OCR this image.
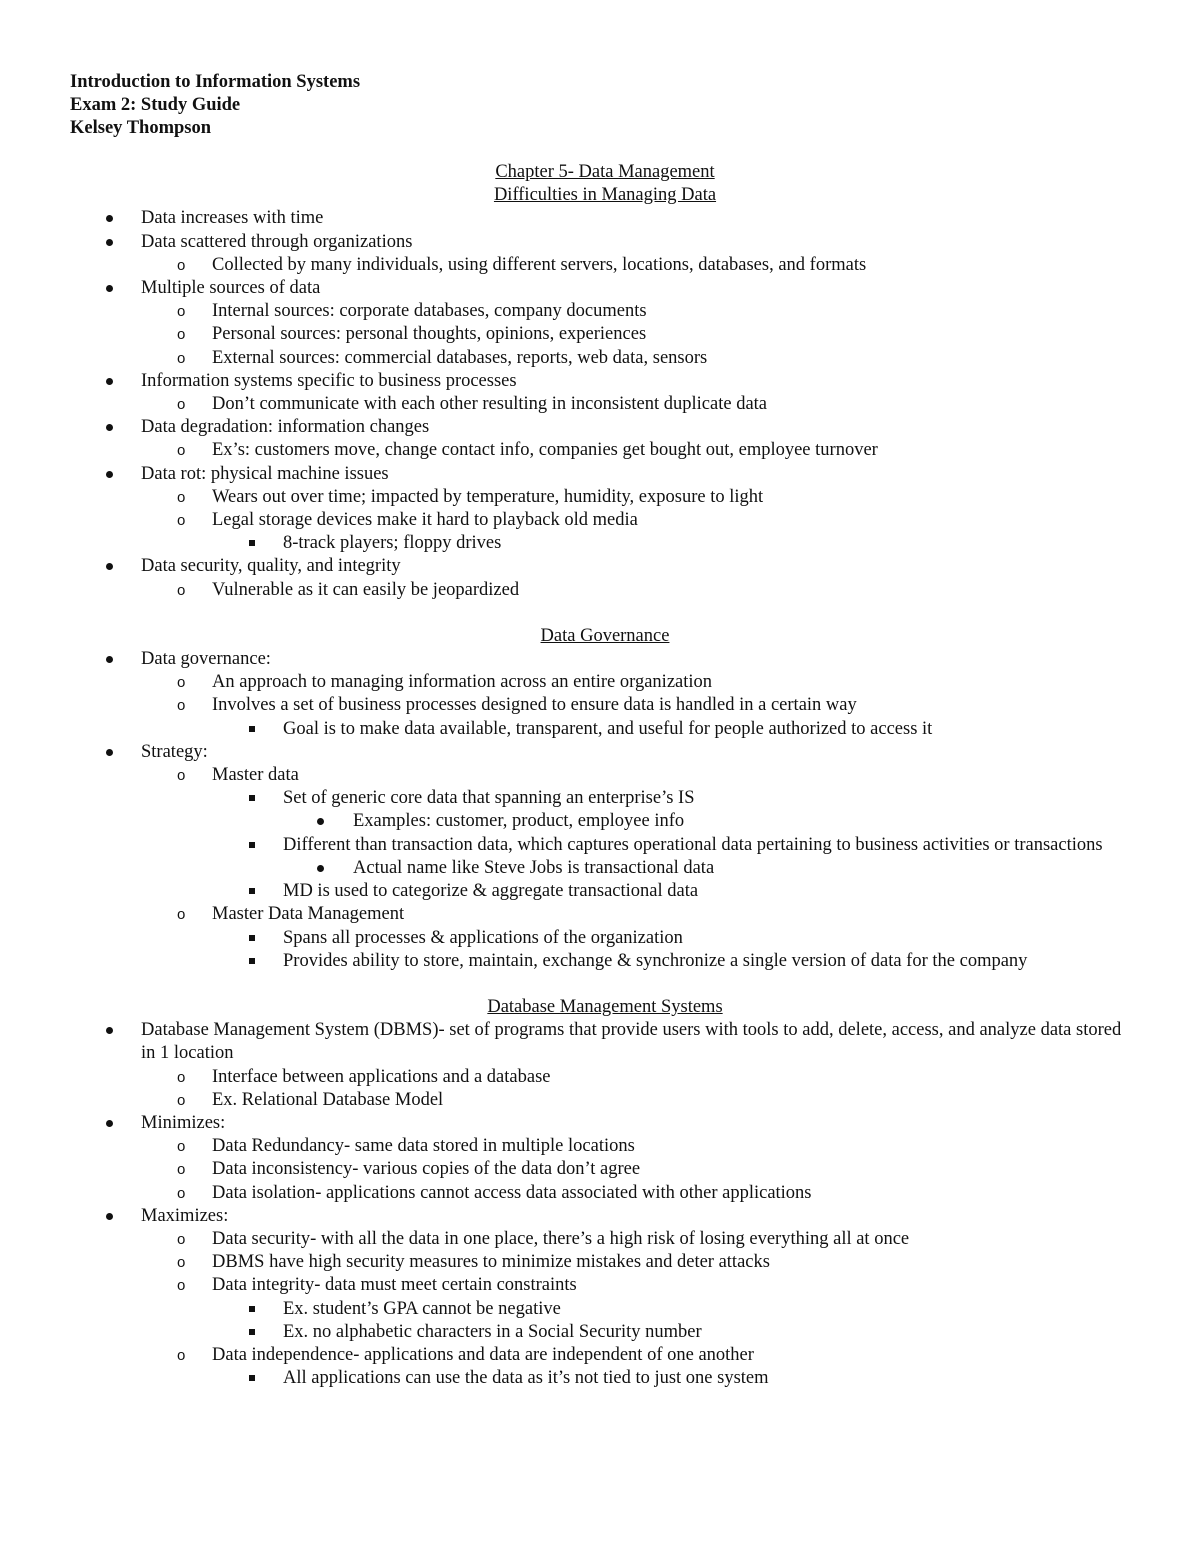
Introduction to Information Systems
Exam 2: Study Guide
Kelsey Thompson
Chapter 5- Data Management
Difficulties in Managing Data
Data increases with time
Data scattered through organizations
Collected by many individuals, using different servers, locations, databases, and formats
Multiple sources of data
Internal sources: corporate databases, company documents
Personal sources: personal thoughts, opinions, experiences
External sources: commercial databases, reports, web data, sensors
Information systems specific to business processes
Don’t communicate with each other resulting in inconsistent duplicate data
Data degradation: information changes
Ex’s: customers move, change contact info, companies get bought out, employee turnover
Data rot: physical machine issues
Wears out over time; impacted by temperature, humidity, exposure to light
Legal storage devices make it hard to playback old media
8-track players; floppy drives
Data security, quality, and integrity
Vulnerable as it can easily be jeopardized
Data Governance
Data governance:
An approach to managing information across an entire organization
Involves a set of business processes designed to ensure data is handled in a certain way
Goal is to make data available, transparent, and useful for people authorized to access it
Strategy:
Master data
Set of generic core data that spanning an enterprise’s IS
Examples: customer, product, employee info
Different than transaction data, which captures operational data pertaining to business activities or transactions
Actual name like Steve Jobs is transactional data
MD is used to categorize & aggregate transactional data
Master Data Management
Spans all processes & applications of the organization
Provides ability to store, maintain, exchange & synchronize a single version of data for the company
Database Management Systems
Database Management System (DBMS)- set of programs that provide users with tools to add, delete, access, and analyze data stored in 1 location
Interface between applications and a database
Ex. Relational Database Model
Minimizes:
Data Redundancy- same data stored in multiple locations
Data inconsistency- various copies of the data don’t agree
Data isolation- applications cannot access data associated with other applications
Maximizes:
Data security- with all the data in one place, there’s a high risk of losing everything all at once
DBMS have high security measures to minimize mistakes and deter attacks
Data integrity- data must meet certain constraints
Ex. student’s GPA cannot be negative
Ex. no alphabetic characters in a Social Security number
Data independence- applications and data are independent of one another
All applications can use the data as it’s not tied to just one system
